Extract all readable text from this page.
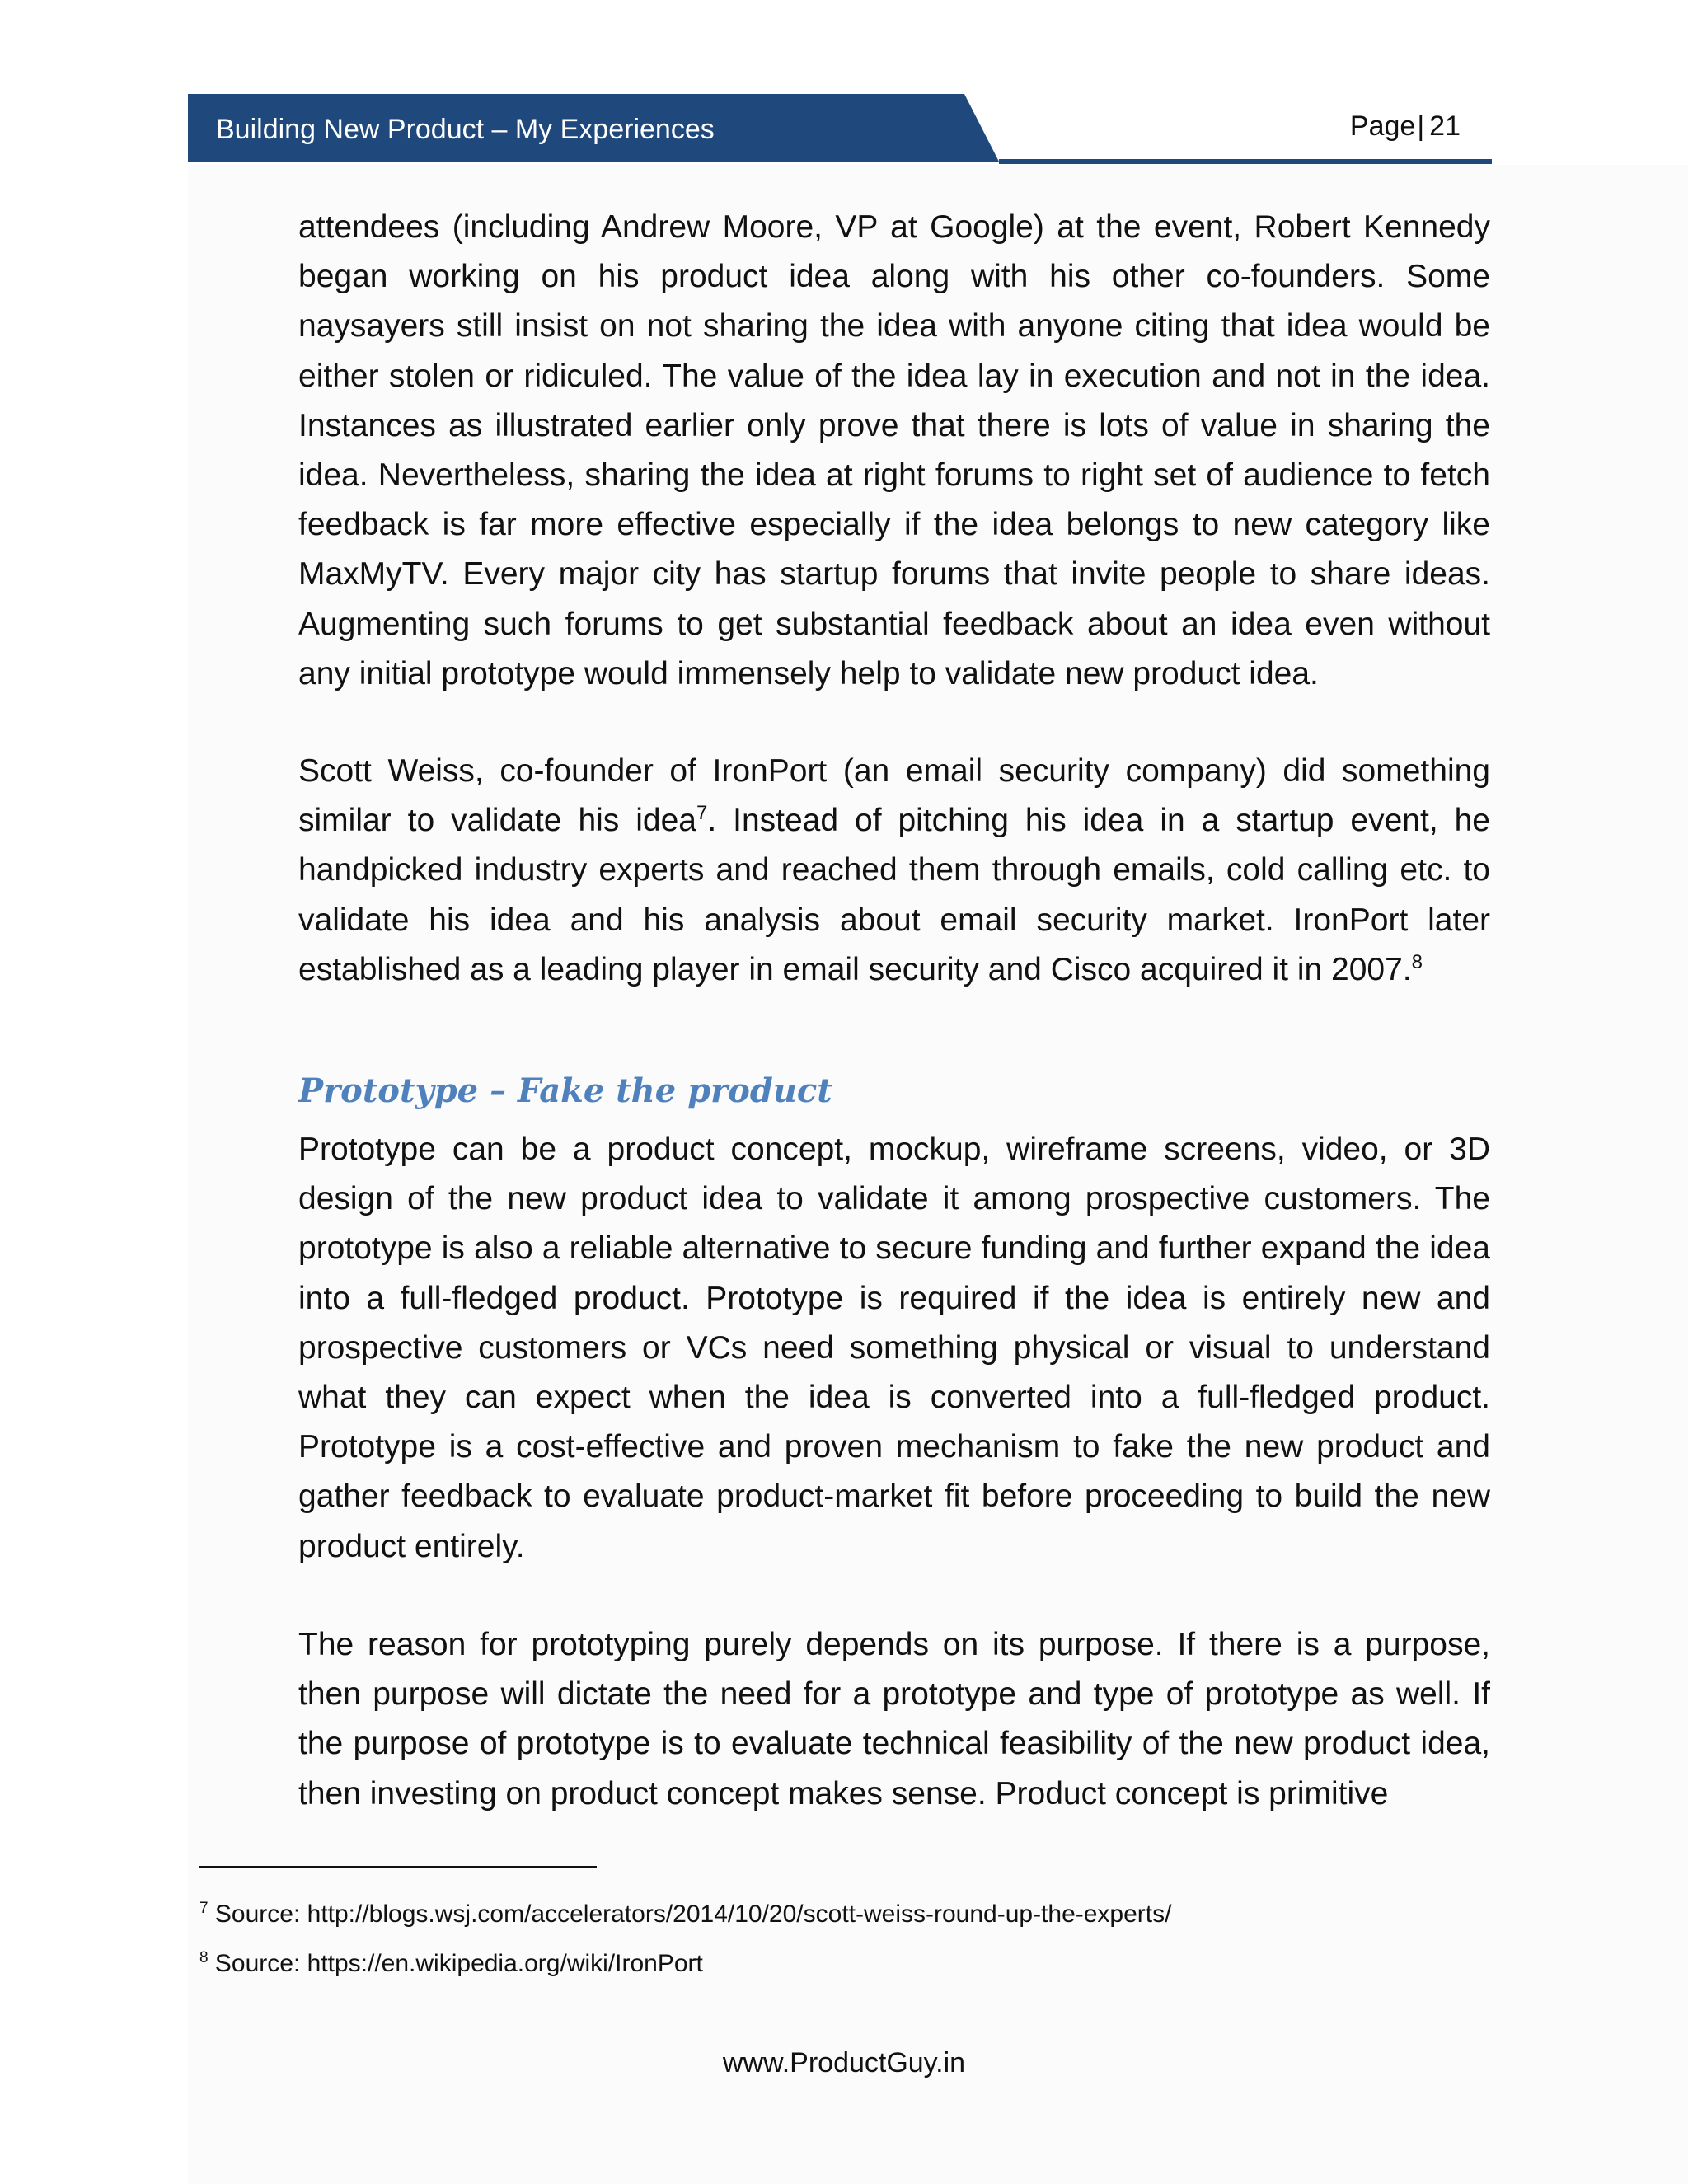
Building New Product – My Experiences	Page| 21

attendees (including Andrew Moore, VP at Google) at the event, Robert Kennedy began working on his product idea along with his other co-founders. Some naysayers still insist on not sharing the idea with anyone citing that idea would be either stolen or ridiculed. The value of the idea lay in execution and not in the idea. Instances as illustrated earlier only prove that there is lots of value in sharing the idea. Nevertheless, sharing the idea at right forums to right set of audience to fetch feedback is far more effective especially if the idea belongs to new category like MaxMyTV. Every major city has startup forums that invite people to share ideas. Augmenting such forums to get substantial feedback about an idea even without any initial prototype would immensely help to validate new product idea.

Scott Weiss, co-founder of IronPort (an email security company) did something similar to validate his idea$^7$. Instead of pitching his idea in a startup event, he handpicked industry experts and reached them through emails, cold calling etc. to validate his idea and his analysis about email security market. IronPort later established as a leading player in email security and Cisco acquired it in 2007.$^8$

Prototype – Fake the product

Prototype can be a product concept, mockup, wireframe screens, video, or 3D design of the new product idea to validate it among prospective customers. The prototype is also a reliable alternative to secure funding and further expand the idea into a full-fledged product. Prototype is required if the idea is entirely new and prospective customers or VCs need something physical or visual to understand what they can expect when the idea is converted into a full-fledged product. Prototype is a cost-effective and proven mechanism to fake the new product and gather feedback to evaluate product-market fit before proceeding to build the new product entirely.

The reason for prototyping purely depends on its purpose. If there is a purpose, then purpose will dictate the need for a prototype and type of prototype as well. If the purpose of prototype is to evaluate technical feasibility of the new product idea, then investing on product concept makes sense. Product concept is primitive

$^7$ Source: http://blogs.wsj.com/accelerators/2014/10/20/scott-weiss-round-up-the-experts/

$^8$ Source: https://en.wikipedia.org/wiki/IronPort

www.ProductGuy.in
